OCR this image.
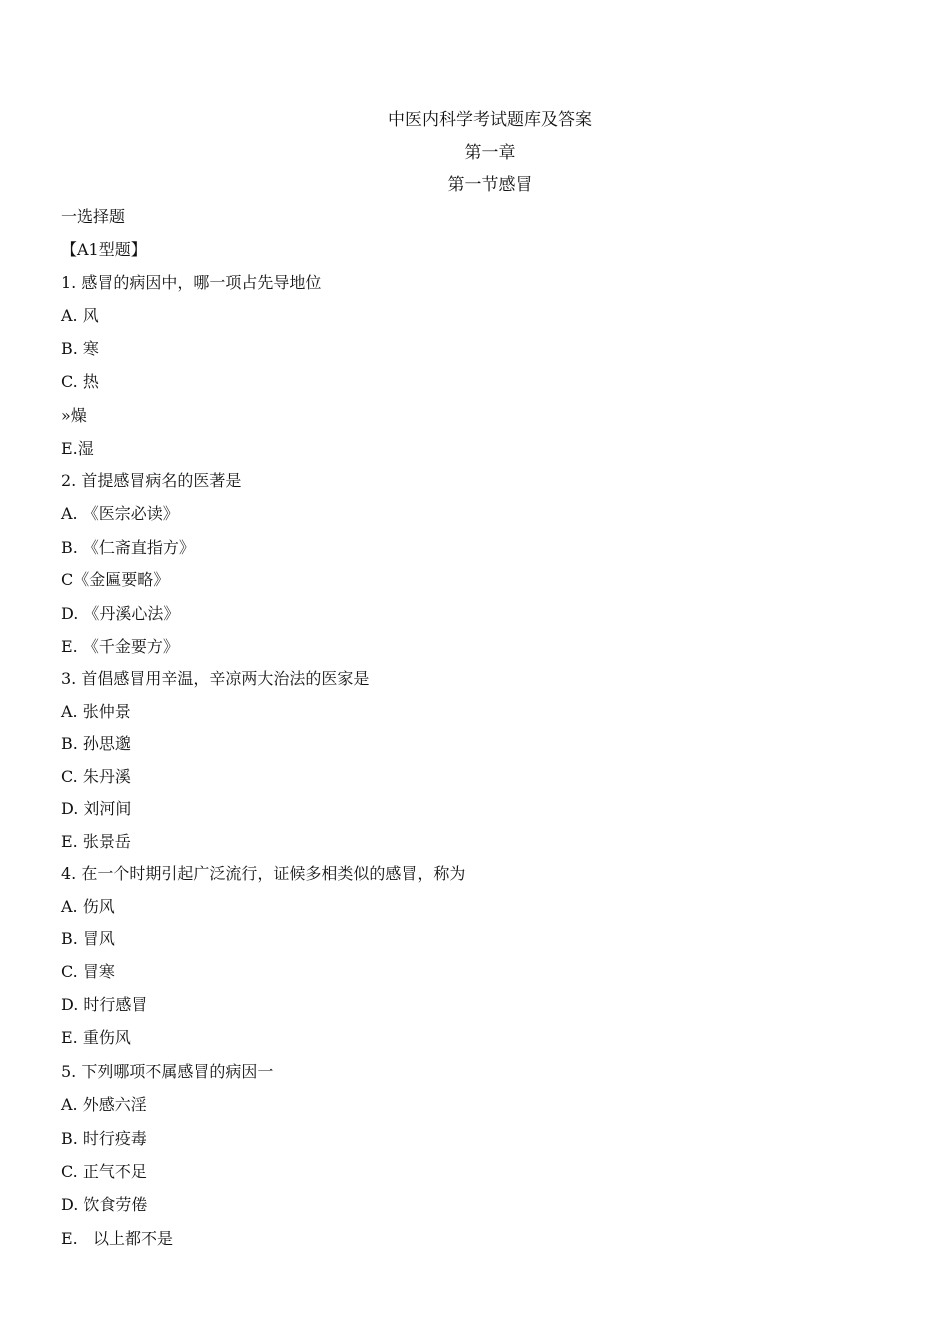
中医内科学考试题库及答案
第一章
第一节感冒
一选择题
【A1型题】
1. 感冒的病因中，哪一项占先导地位
A. 风
B. 寒
C. 热
»燥
E.湿
2. 首提感冒病名的医著是
A. 《医宗必读》
B. 《仁斋直指方》
C《金匾要略》
D. 《丹溪心法》
E. 《千金要方》
3. 首倡感冒用辛温，辛凉两大治法的医家是
A. 张仲景
B. 孙思邈
C. 朱丹溪
D. 刘河间
E. 张景岳
4. 在一个时期引起广泛流行，证候多相类似的感冒，称为
A. 伤风
B. 冒风
C. 冒寒
D. 时行感冒
E. 重伤风
5. 下列哪项不属感冒的病因一
A. 外感六淫
B. 时行疫毒
C. 正气不足
D. 饮食劳倦
E.   以上都不是
